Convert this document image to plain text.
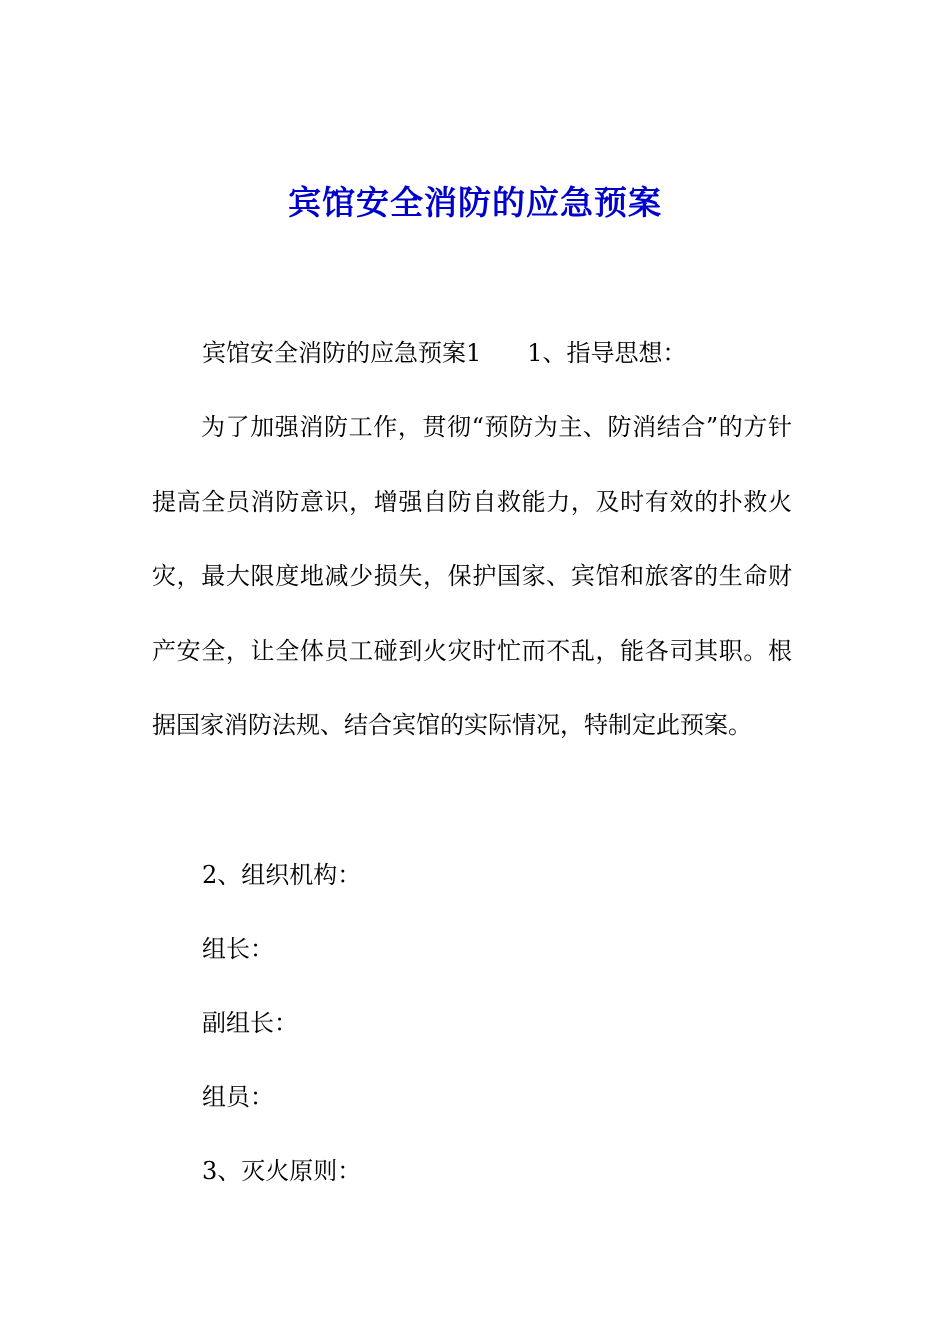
宾馆安全消防的应急预案

宾馆安全消防的应急预案1 1、指导思想：

为了加强消防工作，贯彻“预防为主、防消结合”的方针提高全员消防意识，增强自防自救能力，及时有效的扑救火灾，最大限度地减少损失，保护国家、宾馆和旅客的生命财产安全，让全体员工碰到火灾时忙而不乱，能各司其职。根据国家消防法规、结合宾馆的实际情况，特制定此预案。

2、组织机构：

组长：

副组长：

组员：

3、灭火原则：
